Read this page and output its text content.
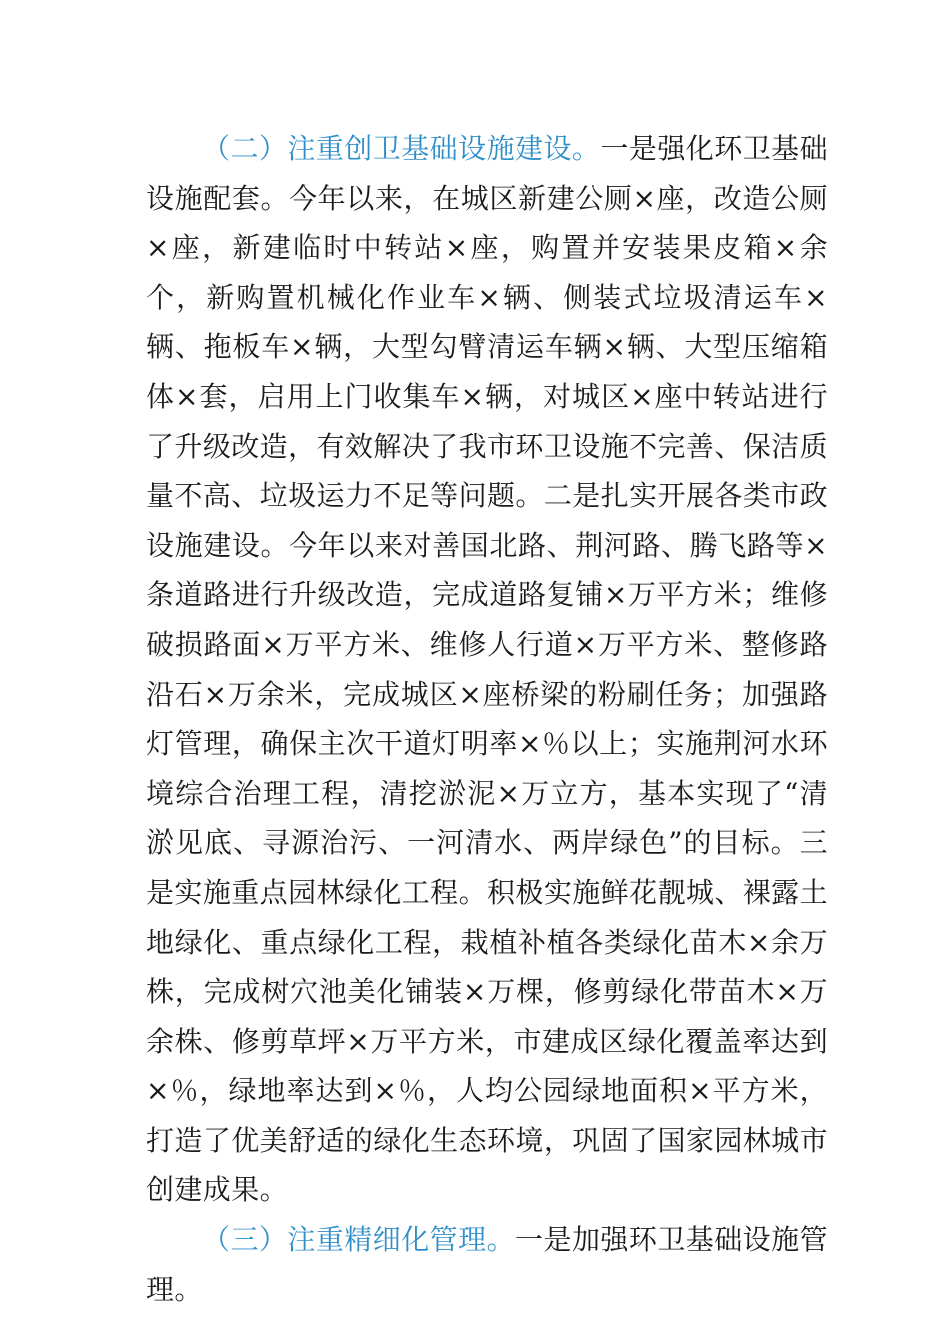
（二）注重创卫基础设施建设。一是强化环卫基础设施配套。今年以来，在城区新建公厕×座，改造公厕×座，新建临时中转站×座，购置并安装果皮箱×余个，新购置机械化作业车×辆、侧装式垃圾清运车×辆、拖板车×辆，大型勾臂清运车辆×辆、大型压缩箱体×套，启用上门收集车×辆，对城区×座中转站进行了升级改造，有效解决了我市环卫设施不完善、保洁质量不高、垃圾运力不足等问题。二是扎实开展各类市政设施建设。今年以来对善国北路、荆河路、腾飞路等×条道路进行升级改造，完成道路复铺×万平方米；维修破损路面×万平方米、维修人行道×万平方米、整修路沿石×万余米，完成城区×座桥梁的粉刷任务；加强路灯管理，确保主次干道灯明率×％以上；实施荆河水环境综合治理工程，清挖淤泥×万立方，基本实现了“清淤见底、寻源治污、一河清水、两岸绿色”的目标。三是实施重点园林绿化工程。积极实施鲜花靓城、裸露土地绿化、重点绿化工程，栽植补植各类绿化苗木×余万株，完成树穴池美化铺装×万棵，修剪绿化带苗木×万余株、修剪草坪×万平方米，市建成区绿化覆盖率达到×％，绿地率达到×％，人均公园绿地面积×平方米，打造了优美舒适的绿化生态环境，巩固了国家园林城市创建成果。

（三）注重精细化管理。一是加强环卫基础设施管理。
